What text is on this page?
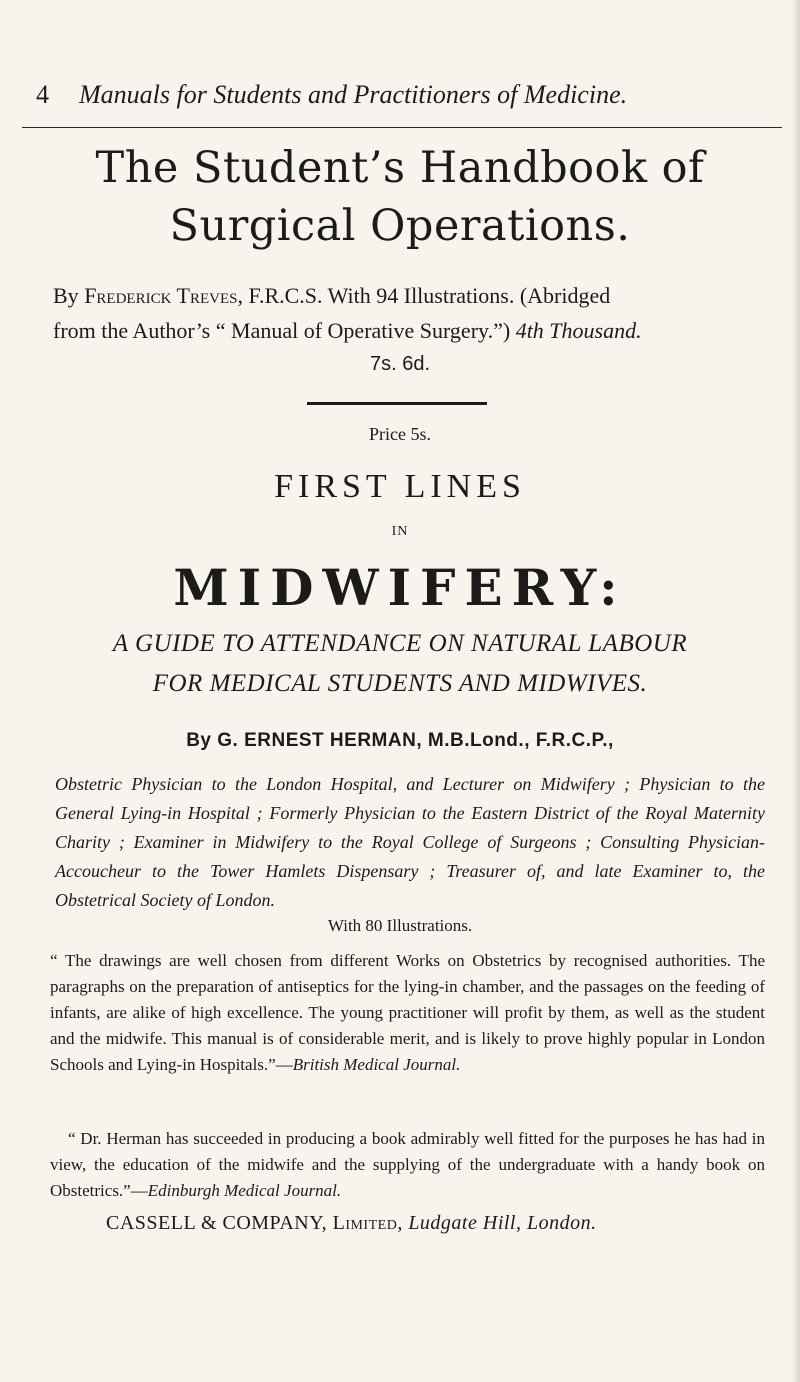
4 Manuals for Students and Practitioners of Medicine.
The Student’s Handbook of
Surgical Operations.
By Frederick Treves, F.R.C.S. With 94 Illustrations. (Abridged
from the Author’s “ Manual of Operative Surgery.”) 4th Thousand.
7s. 6d.
Price 5s.
FIRST LINES
IN
MIDWIFERY:
A GUIDE TO ATTENDANCE ON NATURAL LABOUR
FOR MEDICAL STUDENTS AND MIDWIVES.
By G. ERNEST HERMAN, M.B.Lond., F.R.C.P.,
Obstetric Physician to the London Hospital, and Lecturer on Midwifery ; Physician to the General Lying-in Hospital ; Formerly Physician to the Eastern District of the Royal Maternity Charity ; Examiner in Midwifery to the Royal College of Surgeons ; Consulting Physician-Accoucheur to the Tower Hamlets Dispensary ; Treasurer of, and late Examiner to, the Obstetrical Society of London.
With 80 Illustrations.
“ The drawings are well chosen from different Works on Obstetrics by recognised authorities. The paragraphs on the preparation of antiseptics for the lying-in chamber, and the passages on the feeding of infants, are alike of high excellence. The young practitioner will profit by them, as well as the student and the midwife. This manual is of considerable merit, and is likely to prove highly popular in London Schools and Lying-in Hospitals.”—British Medical Journal.
“ Dr. Herman has succeeded in producing a book admirably well fitted for the purposes he has had in view, the education of the midwife and the supplying of the undergraduate with a handy book on Obstetrics.”—Edinburgh Medical Journal.
CASSELL & COMPANY, Limited, Ludgate Hill, London.
